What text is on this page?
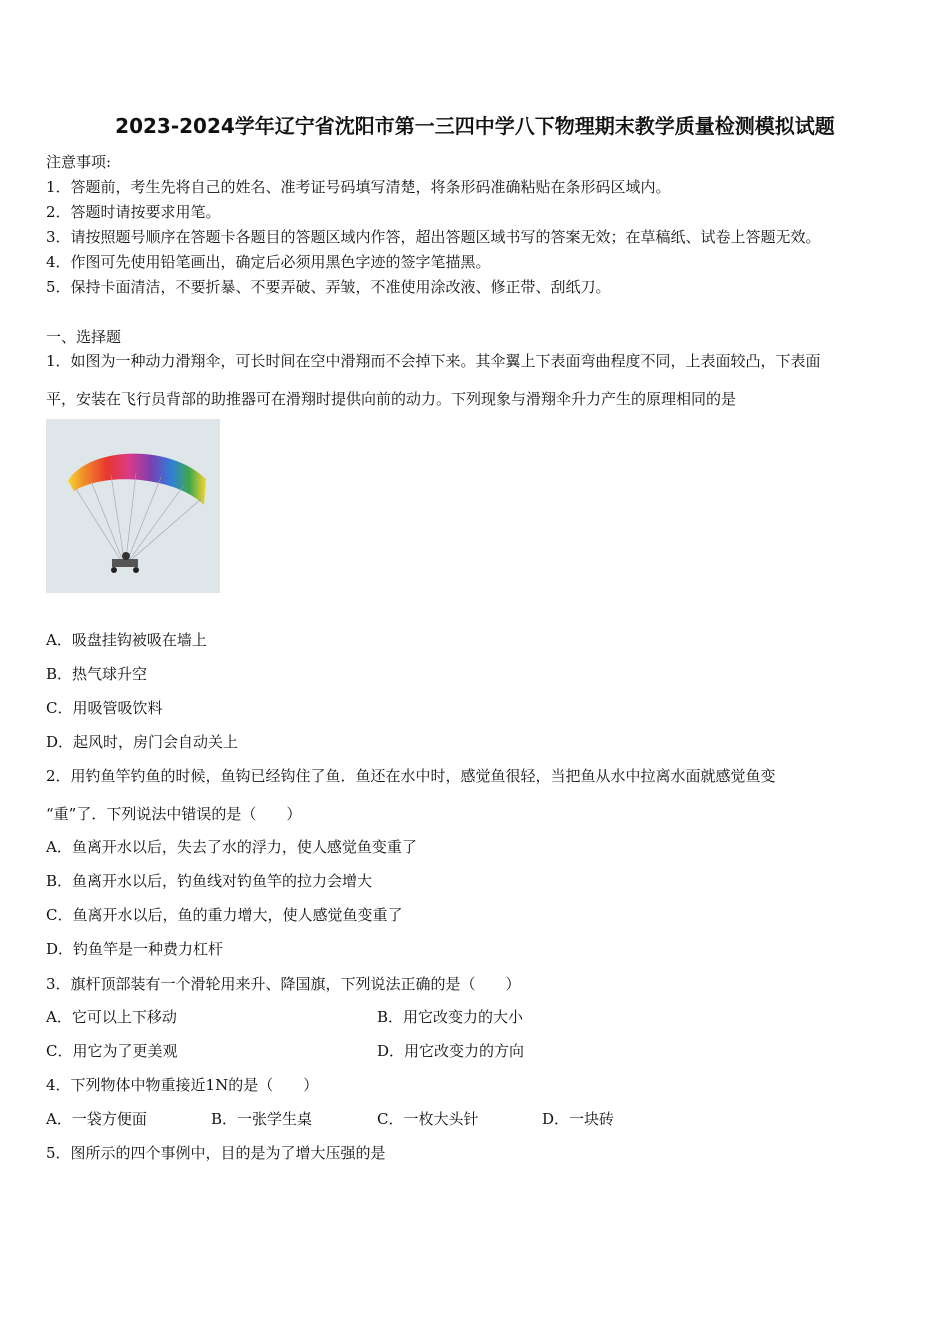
2023-2024学年辽宁省沈阳市第一三四中学八下物理期末教学质量检测模拟试题
注意事项:
1．答题前，考生先将自己的姓名、准考证号码填写清楚，将条形码准确粘贴在条形码区域内。
2．答题时请按要求用笔。
3．请按照题号顺序在答题卡各题目的答题区域内作答，超出答题区域书写的答案无效；在草稿纸、试卷上答题无效。
4．作图可先使用铅笔画出，确定后必须用黑色字迹的签字笔描黑。
5．保持卡面清洁，不要折暴、不要弄破、弄皱，不准使用涂改液、修正带、刮纸刀。
一、选择题
1．如图为一种动力滑翔伞，可长时间在空中滑翔而不会掉下来。其伞翼上下表面弯曲程度不同，上表面较凸，下表面
平，安装在飞行员背部的助推器可在滑翔时提供向前的动力。下列现象与滑翔伞升力产生的原理相同的是
A．吸盘挂钩被吸在墙上
B．热气球升空
C．用吸管吸饮料
D．起风时，房门会自动关上
2．用钓鱼竿钓鱼的时候，鱼钩已经钩住了鱼．鱼还在水中时，感觉鱼很轻，当把鱼从水中拉离水面就感觉鱼变
“重”了．下列说法中错误的是（　　）
A．鱼离开水以后，失去了水的浮力，使人感觉鱼变重了
B．鱼离开水以后，钓鱼线对钓鱼竿的拉力会增大
C．鱼离开水以后，鱼的重力增大，使人感觉鱼变重了
D．钓鱼竿是一种费力杠杆
3．旗杆顶部装有一个滑轮用来升、降国旗，下列说法正确的是（　　）
A．它可以上下移动	B．用它改变力的大小
C．用它为了更美观	D．用它改变力的方向
4．下列物体中物重接近1N的是（　　）
A．一袋方便面	B．一张学生桌	C．一枚大头针	D．一块砖
5．图所示的四个事例中，目的是为了增大压强的是
